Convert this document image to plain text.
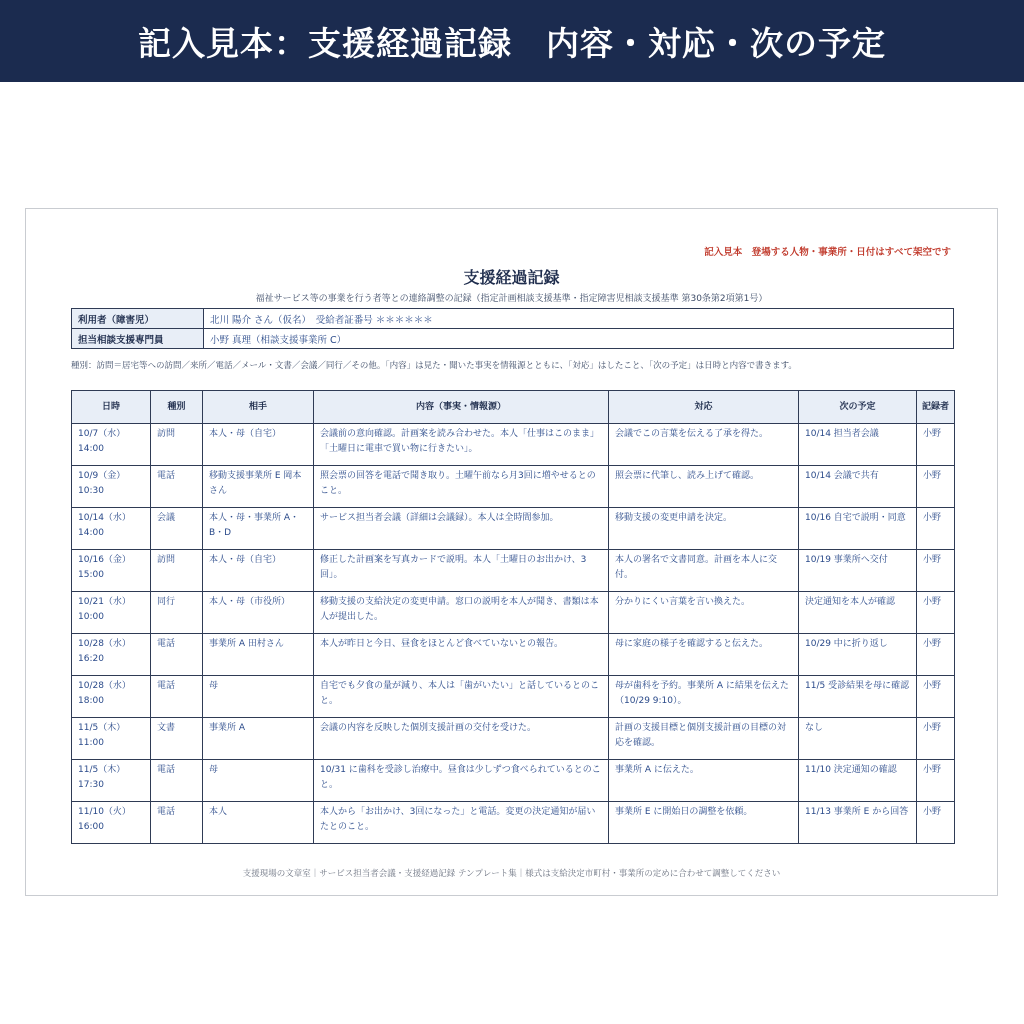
記入見本：支援経過記録　内容・対応・次の予定
記入見本　登場する人物・事業所・日付はすべて架空です
支援経過記録
福祉サービス等の事業を行う者等との連絡調整の記録（指定計画相談支援基準・指定障害児相談支援基準 第30条第2項第1号）
利用者（障害児）	北川 陽介 さん（仮名）　受給者証番号 ＊＊＊＊＊＊
担当相談支援専門員	小野 真理（相談支援事業所 C）
種別：訪問＝居宅等への訪問／来所／電話／メール・文書／会議／同行／その他。「内容」は見た・聞いた事実を情報源とともに、「対応」はしたこと、「次の予定」は日時と内容で書きます。
日時	種別	相手	内容（事実・情報源）	対応	次の予定	記録者

10/7（水）
14:00	訪問	本人・母（自宅）	会議前の意向確認。計画案を読み合わせた。本人「仕事はこのまま」「土曜日に電車で買い物に行きたい」。	会議でこの言葉を伝える了承を得た。	10/14 担当者会議	小野

10/9（金）
10:30	電話	移動支援事業所 E 岡本さん	照会票の回答を電話で聞き取り。土曜午前なら月3回に増やせるとのこと。	照会票に代筆し、読み上げて確認。	10/14 会議で共有	小野

10/14（水）
14:00	会議	本人・母・事業所 A・B・D	サービス担当者会議（詳細は会議録）。本人は全時間参加。	移動支援の変更申請を決定。	10/16 自宅で説明・同意	小野

10/16（金）
15:00	訪問	本人・母（自宅）	修正した計画案を写真カードで説明。本人「土曜日のお出かけ、3回」。	本人の署名で文書同意。計画を本人に交付。	10/19 事業所へ交付	小野

10/21（水）
10:00	同行	本人・母（市役所）	移動支援の支給決定の変更申請。窓口の説明を本人が聞き、書類は本人が提出した。	分かりにくい言葉を言い換えた。	決定通知を本人が確認	小野

10/28（水）
16:20	電話	事業所 A 田村さん	本人が昨日と今日、昼食をほとんど食べていないとの報告。	母に家庭の様子を確認すると伝えた。	10/29 中に折り返し	小野

10/28（水）
18:00	電話	母	自宅でも夕食の量が減り、本人は「歯がいたい」と話しているとのこと。	母が歯科を予約。事業所 A に結果を伝えた（10/29 9:10）。	11/5 受診結果を母に確認	小野

11/5（木）
11:00	文書	事業所 A	会議の内容を反映した個別支援計画の交付を受けた。	計画の支援目標と個別支援計画の目標の対応を確認。	なし	小野

11/5（木）
17:30	電話	母	10/31 に歯科を受診し治療中。昼食は少しずつ食べられているとのこと。	事業所 A に伝えた。	11/10 決定通知の確認	小野

11/10（火）
16:00	電話	本人	本人から「お出かけ、3回になった」と電話。変更の決定通知が届いたとのこと。	事業所 E に開始日の調整を依頼。	11/13 事業所 E から回答	小野
支援現場の文章室｜サービス担当者会議・支援経過記録 テンプレート集｜様式は支給決定市町村・事業所の定めに合わせて調整してください
